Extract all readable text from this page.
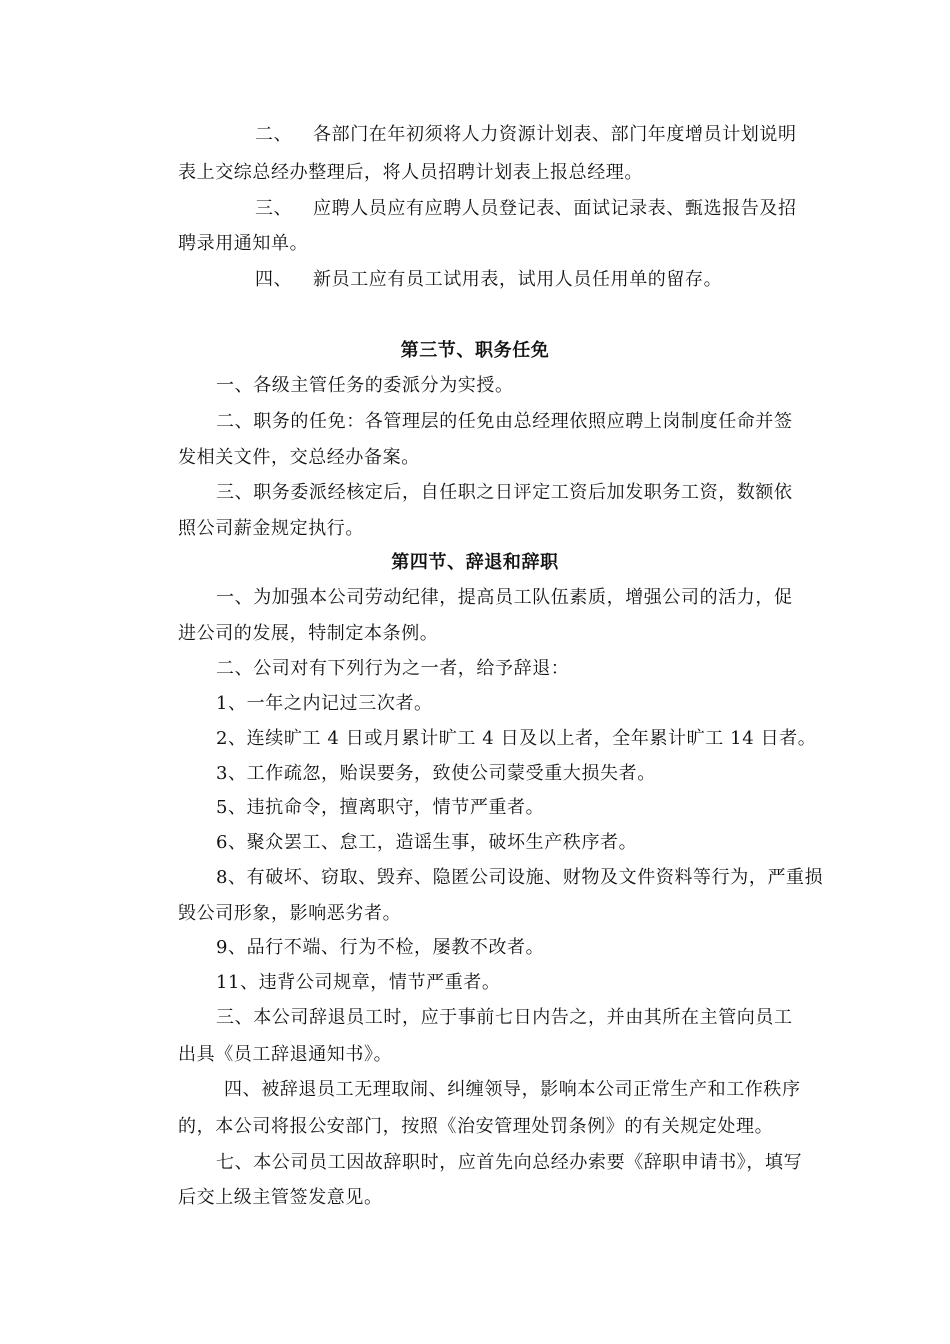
二、 各部门在年初须将人力资源计划表、部门年度增员计划说明
表上交综总经办整理后，将人员招聘计划表上报总经理。
三、 应聘人员应有应聘人员登记表、面试记录表、甄选报告及招
聘录用通知单。
四、 新员工应有员工试用表，试用人员任用单的留存。
第三节、职务任免
一、各级主管任务的委派分为实授。
二、职务的任免：各管理层的任免由总经理依照应聘上岗制度任命并签
发相关文件，交总经办备案。
三、职务委派经核定后，自任职之日评定工资后加发职务工资，数额依
照公司薪金规定执行。
第四节、辞退和辞职
一、为加强本公司劳动纪律，提高员工队伍素质，增强公司的活力，促
进公司的发展，特制定本条例。
二、公司对有下列行为之一者，给予辞退：
1、一年之内记过三次者。
2、连续旷工 4 日或月累计旷工 4 日及以上者，全年累计旷工 14 日者。
3、工作疏忽，贻误要务，致使公司蒙受重大损失者。
5、违抗命令，擅离职守，情节严重者。
6、聚众罢工、怠工，造谣生事，破坏生产秩序者。
8、有破坏、窃取、毁弃、隐匿公司设施、财物及文件资料等行为，严重损
毁公司形象，影响恶劣者。
9、品行不端、行为不检，屡教不改者。
11、违背公司规章，情节严重者。
三、本公司辞退员工时，应于事前七日内告之，并由其所在主管向员工
出具《员工辞退通知书》。
四、被辞退员工无理取闹、纠缠领导，影响本公司正常生产和工作秩序
的，本公司将报公安部门，按照《治安管理处罚条例》的有关规定处理。
七、本公司员工因故辞职时，应首先向总经办索要《辞职申请书》，填写
后交上级主管签发意见。
